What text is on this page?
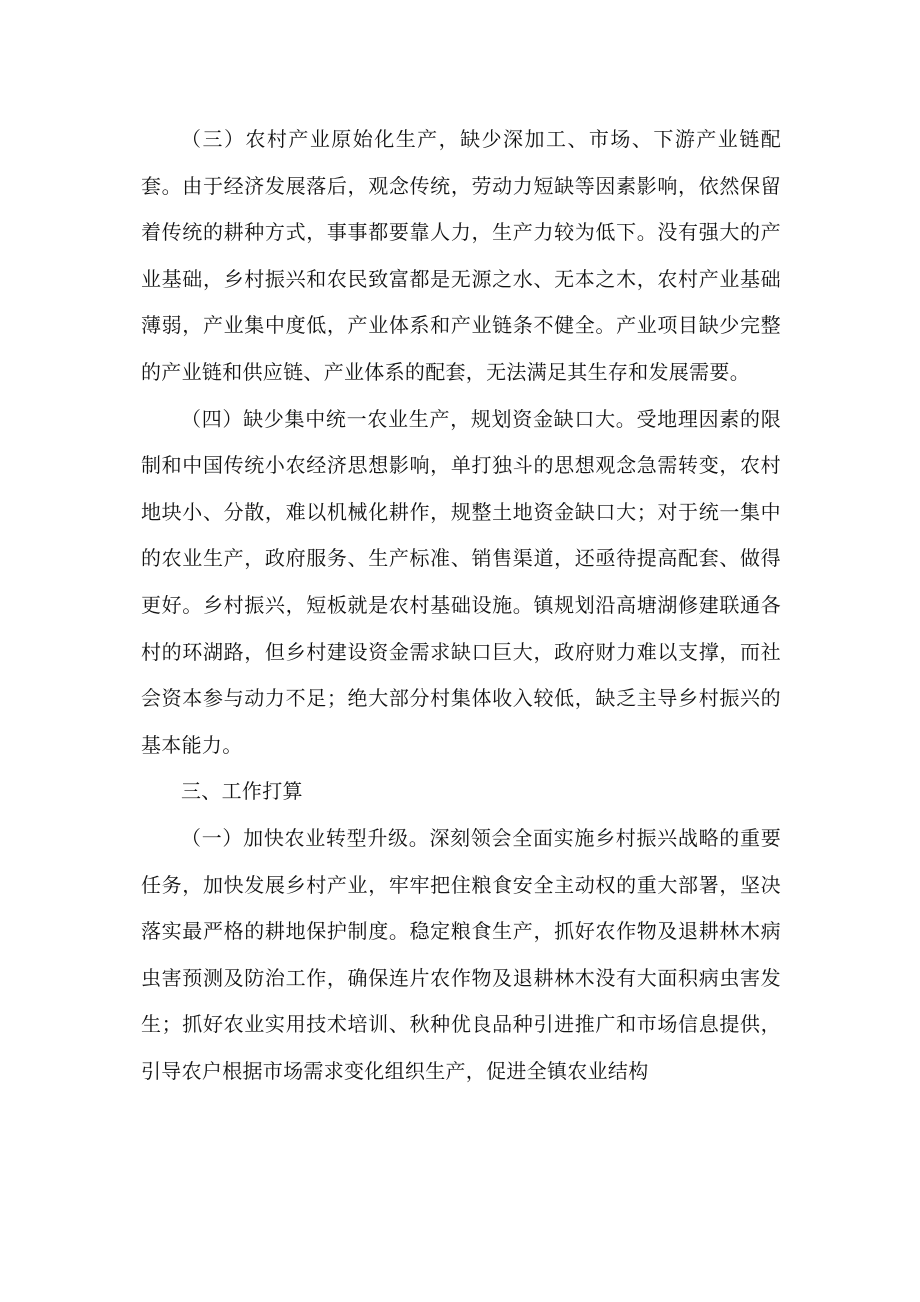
（三）农村产业原始化生产，缺少深加工、市场、下游产业链配套。由于经济发展落后，观念传统，劳动力短缺等因素影响，依然保留着传统的耕种方式，事事都要靠人力，生产力较为低下。没有强大的产业基础，乡村振兴和农民致富都是无源之水、无本之木，农村产业基础薄弱，产业集中度低，产业体系和产业链条不健全。产业项目缺少完整的产业链和供应链、产业体系的配套，无法满足其生存和发展需要。

（四）缺少集中统一农业生产，规划资金缺口大。受地理因素的限制和中国传统小农经济思想影响，单打独斗的思想观念急需转变，农村地块小、分散，难以机械化耕作，规整土地资金缺口大；对于统一集中的农业生产，政府服务、生产标准、销售渠道，还亟待提高配套、做得更好。乡村振兴，短板就是农村基础设施。镇规划沿高塘湖修建联通各村的环湖路，但乡村建设资金需求缺口巨大，政府财力难以支撑，而社会资本参与动力不足；绝大部分村集体收入较低，缺乏主导乡村振兴的基本能力。

三、工作打算

（一）加快农业转型升级。深刻领会全面实施乡村振兴战略的重要任务，加快发展乡村产业，牢牢把住粮食安全主动权的重大部署，坚决落实最严格的耕地保护制度。稳定粮食生产，抓好农作物及退耕林木病虫害预测及防治工作，确保连片农作物及退耕林木没有大面积病虫害发生；抓好农业实用技术培训、秋种优良品种引进推广和市场信息提供，引导农户根据市场需求变化组织生产，促进全镇农业结构
